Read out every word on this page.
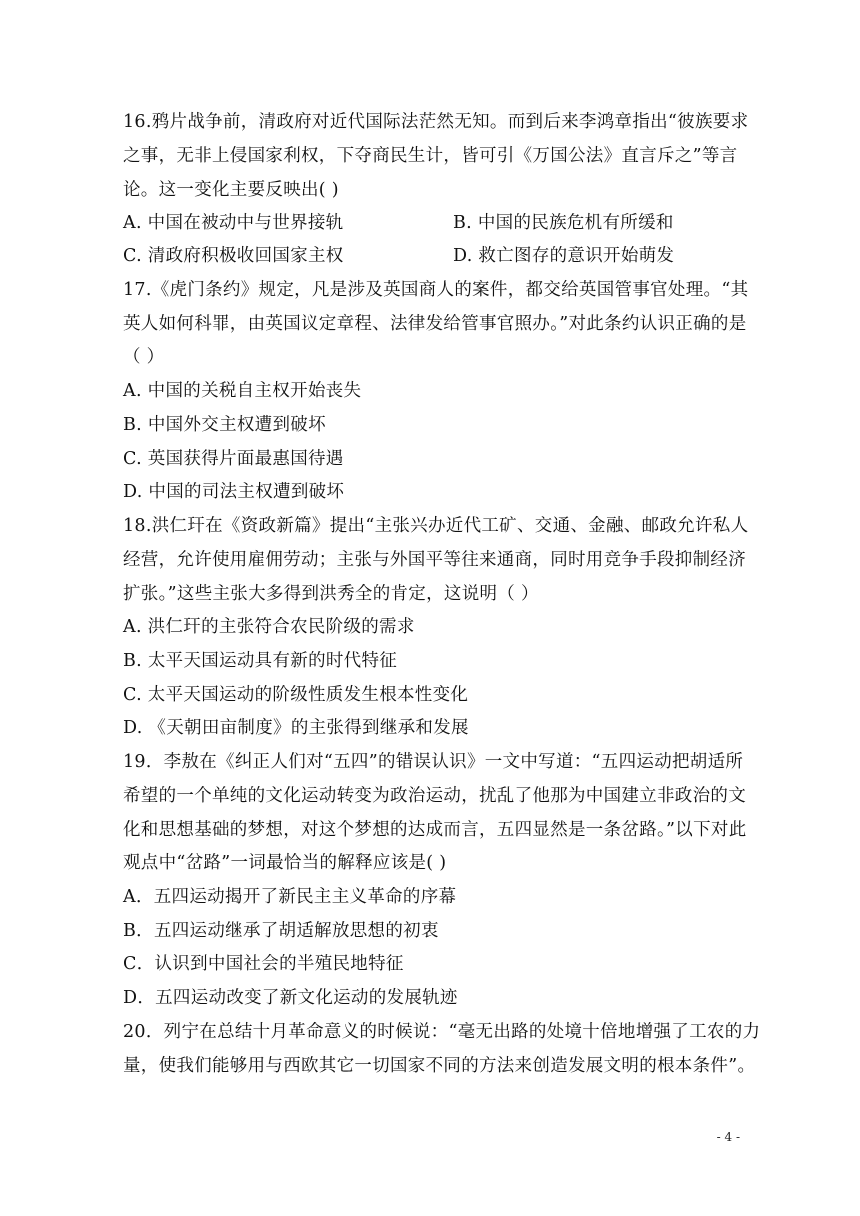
16.鸦片战争前，清政府对近代国际法茫然无知。而到后来李鸿章指出“彼族要求
之事，无非上侵国家利权，下夺商民生计，皆可引《万国公法》直言斥之”等言
论。这一变化主要反映出( )
A. 中国在被动中与世界接轨	B. 中国的民族危机有所缓和
C. 清政府积极收回国家主权	D. 救亡图存的意识开始萌发
17.《虎门条约》规定，凡是涉及英国商人的案件，都交给英国管事官处理。“其
英人如何科罪，由英国议定章程、法律发给管事官照办。”对此条约认识正确的是
（ ）
A. 中国的关税自主权开始丧失
B. 中国外交主权遭到破坏
C. 英国获得片面最惠国待遇
D. 中国的司法主权遭到破坏
18.洪仁玕在《资政新篇》提出“主张兴办近代工矿、交通、金融、邮政允许私人
经营，允许使用雇佣劳动；主张与外国平等往来通商，同时用竞争手段抑制经济
扩张。”这些主张大多得到洪秀全的肯定，这说明（ ）
A. 洪仁玕的主张符合农民阶级的需求
B. 太平天国运动具有新的时代特征
C. 太平天国运动的阶级性质发生根本性变化
D. 《天朝田亩制度》的主张得到继承和发展
19．李敖在《纠正人们对“五四”的错误认识》一文中写道：“五四运动把胡适所
希望的一个单纯的文化运动转变为政治运动，扰乱了他那为中国建立非政治的文
化和思想基础的梦想，对这个梦想的达成而言，五四显然是一条岔路。”以下对此
观点中“岔路”一词最恰当的解释应该是( )
A．五四运动揭开了新民主主义革命的序幕
B．五四运动继承了胡适解放思想的初衷
C．认识到中国社会的半殖民地特征
D．五四运动改变了新文化运动的发展轨迹
20．列宁在总结十月革命意义的时候说：“毫无出路的处境十倍地增强了工农的力
量，使我们能够用与西欧其它一切国家不同的方法来创造发展文明的根本条件”。
- 4 -
